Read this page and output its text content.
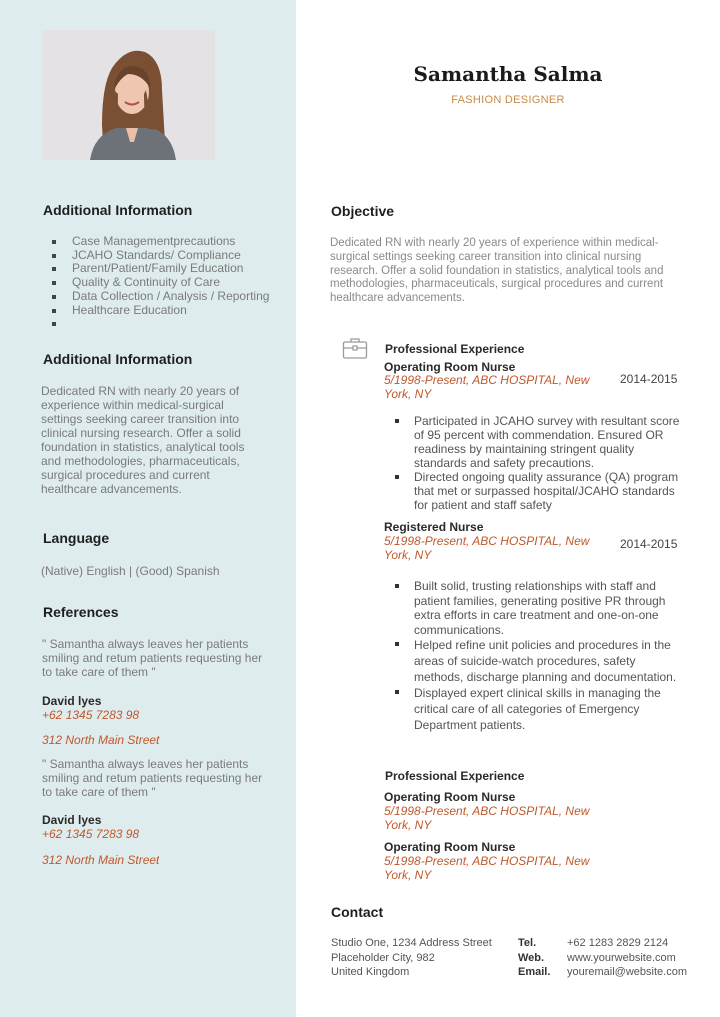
Additional Information
Case Managementprecautions
JCAHO Standards/ Compliance
Parent/Patient/Family Education
Quality & Continuity of Care
Data Collection / Analysis / Reporting
Healthcare Education
Additional Information
Dedicated RN with nearly 20 years of experience within medical-surgical settings seeking career transition into clinical nursing research. Offer a solid foundation in statistics, analytical tools and methodologies, pharmaceuticals, surgical procedures and current healthcare advancements.
Language
(Native) English | (Good) Spanish
References
" Samantha always leaves her patients smiling and retum patients requesting her to take care of them "
David lyes
+62 1345 7283 98
312 North Main Street
" Samantha always leaves her patients smiling and retum patients requesting her to take care of them "
David lyes
+62 1345 7283 98
312 North Main Street
Samantha Salma
FASHION DESIGNER
Objective
Dedicated RN with nearly 20 years of experience within medical-surgical settings seeking career transition into clinical nursing research. Offer a solid foundation in statistics, analytical tools and methodologies, pharmaceuticals, surgical procedures and current healthcare advancements.
Professional Experience
Operating Room Nurse
5/1998-Present, ABC HOSPITAL, New York, NY
2014-2015
Participated in JCAHO survey with resultant score of 95 percent with commendation. Ensured OR readiness by maintaining stringent quality standards and safety precautions.
Directed ongoing quality assurance (QA) program that met or surpassed hospital/JCAHO standards for patient and staff safety
Registered Nurse
5/1998-Present, ABC HOSPITAL, New York, NY
2014-2015
Built solid, trusting relationships with staff and patient families, generating positive PR through extra efforts in care treatment and one-on-one communications.
Helped refine unit policies and procedures in the areas of suicide-watch procedures, safety methods, discharge planning and documentation.
Displayed expert clinical skills in managing the critical care of all categories of Emergency Department patients.
Professional Experience
Operating Room Nurse
5/1998-Present, ABC HOSPITAL, New York, NY
Operating Room Nurse
5/1998-Present, ABC HOSPITAL, New York, NY
Contact
Studio One, 1234 Address Street
Placeholder City, 982
United Kingdom
Tel.
Web.
Email.
+62 1283 2829 2124
www.yourwebsite.com
youremail@website.com
